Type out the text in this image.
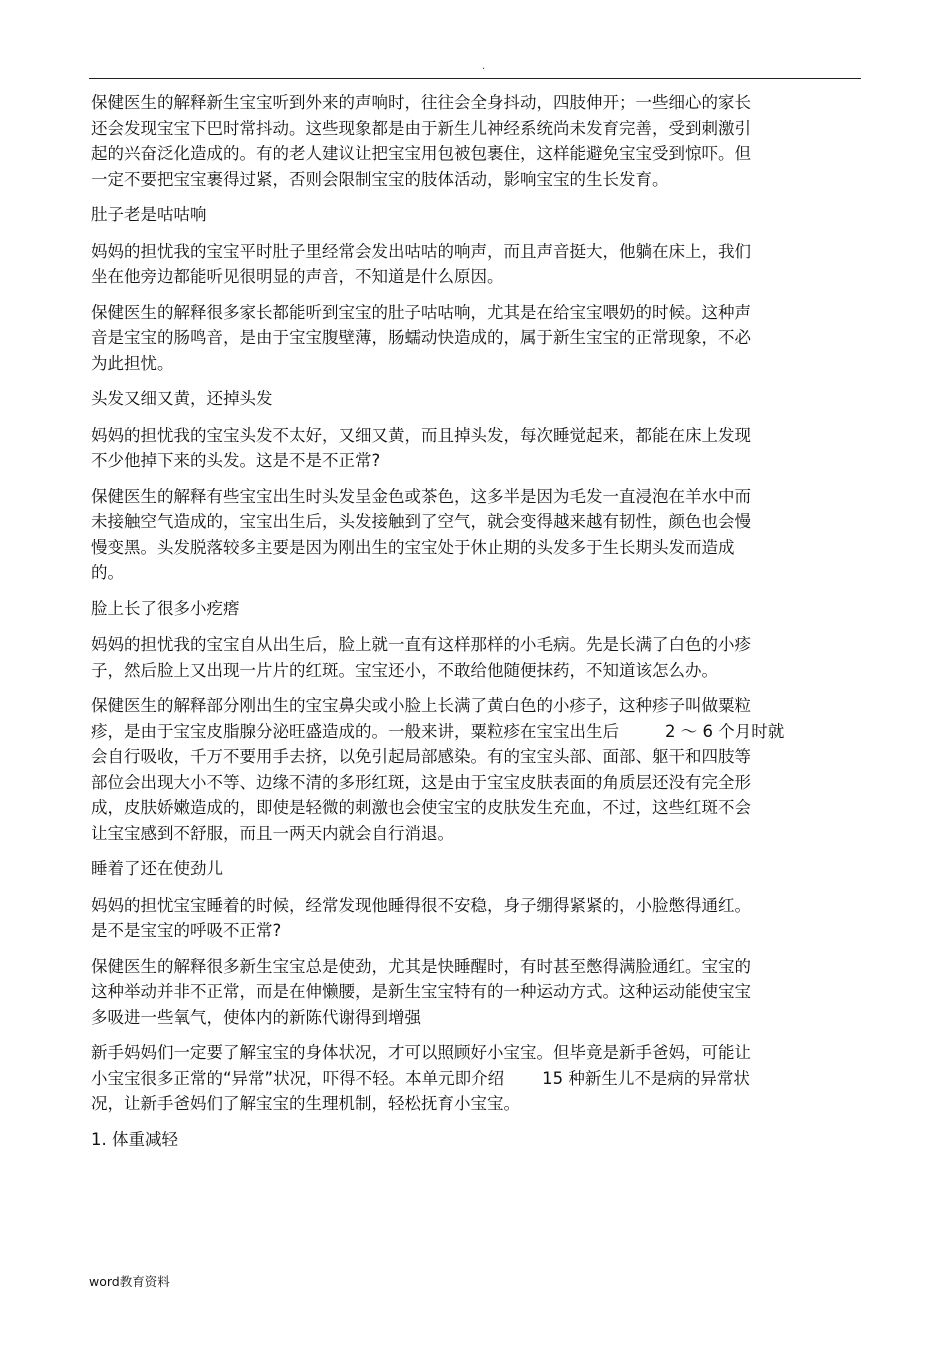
.
保健医生的解释新生宝宝听到外来的声响时，往往会全身抖动，四肢伸开；一些细心的家长
还会发现宝宝下巴时常抖动。这些现象都是由于新生儿神经系统尚未发育完善，受到刺激引
起的兴奋泛化造成的。有的老人建议让把宝宝用包被包裹住，这样能避免宝宝受到惊吓。但
一定不要把宝宝裹得过紧，否则会限制宝宝的肢体活动，影响宝宝的生长发育。
肚子老是咕咕响
妈妈的担忧我的宝宝平时肚子里经常会发出咕咕的响声，而且声音挺大，他躺在床上，我们
坐在他旁边都能听见很明显的声音，不知道是什么原因。
保健医生的解释很多家长都能听到宝宝的肚子咕咕响，尤其是在给宝宝喂奶的时候。这种声
音是宝宝的肠鸣音，是由于宝宝腹壁薄，肠蠕动快造成的，属于新生宝宝的正常现象，不必
为此担忧。
头发又细又黄，还掉头发
妈妈的担忧我的宝宝头发不太好，又细又黄，而且掉头发，每次睡觉起来，都能在床上发现
不少他掉下来的头发。这是不是不正常?
保健医生的解释有些宝宝出生时头发呈金色或茶色，这多半是因为毛发一直浸泡在羊水中而
未接触空气造成的，宝宝出生后，头发接触到了空气，就会变得越来越有韧性，颜色也会慢
慢变黑。头发脱落较多主要是因为刚出生的宝宝处于休止期的头发多于生长期头发而造成
的。
脸上长了很多小疙瘩
妈妈的担忧我的宝宝自从出生后，脸上就一直有这样那样的小毛病。先是长满了白色的小疹
子，然后脸上又出现一片片的红斑。宝宝还小，不敢给他随便抹药，不知道该怎么办。
保健医生的解释部分刚出生的宝宝鼻尖或小脸上长满了黄白色的小疹子，这种疹子叫做粟粒
疹，是由于宝宝皮脂腺分泌旺盛造成的。一般来讲，粟粒疹在宝宝出生后	2 ～ 6 个月时就
会自行吸收，千万不要用手去挤，以免引起局部感染。有的宝宝头部、面部、躯干和四肢等
部位会出现大小不等、边缘不清的多形红斑，这是由于宝宝皮肤表面的角质层还没有完全形
成，皮肤娇嫩造成的，即使是轻微的刺激也会使宝宝的皮肤发生充血，不过，这些红斑不会
让宝宝感到不舒服，而且一两天内就会自行消退。
睡着了还在使劲儿
妈妈的担忧宝宝睡着的时候，经常发现他睡得很不安稳，身子绷得紧紧的，小脸憋得通红。
是不是宝宝的呼吸不正常?
保健医生的解释很多新生宝宝总是使劲，尤其是快睡醒时，有时甚至憋得满脸通红。宝宝的
这种举动并非不正常，而是在伸懒腰，是新生宝宝特有的一种运动方式。这种运动能使宝宝
多吸进一些氧气，使体内的新陈代谢得到增强
新手妈妈们一定要了解宝宝的身体状况，才可以照顾好小宝宝。但毕竟是新手爸妈，可能让
小宝宝很多正常的“异常”状况，吓得不轻。本单元即介绍 15 种新生儿不是病的异常状
况，让新手爸妈们了解宝宝的生理机制，轻松抚育小宝宝。
1. 体重减轻
word教育资料
